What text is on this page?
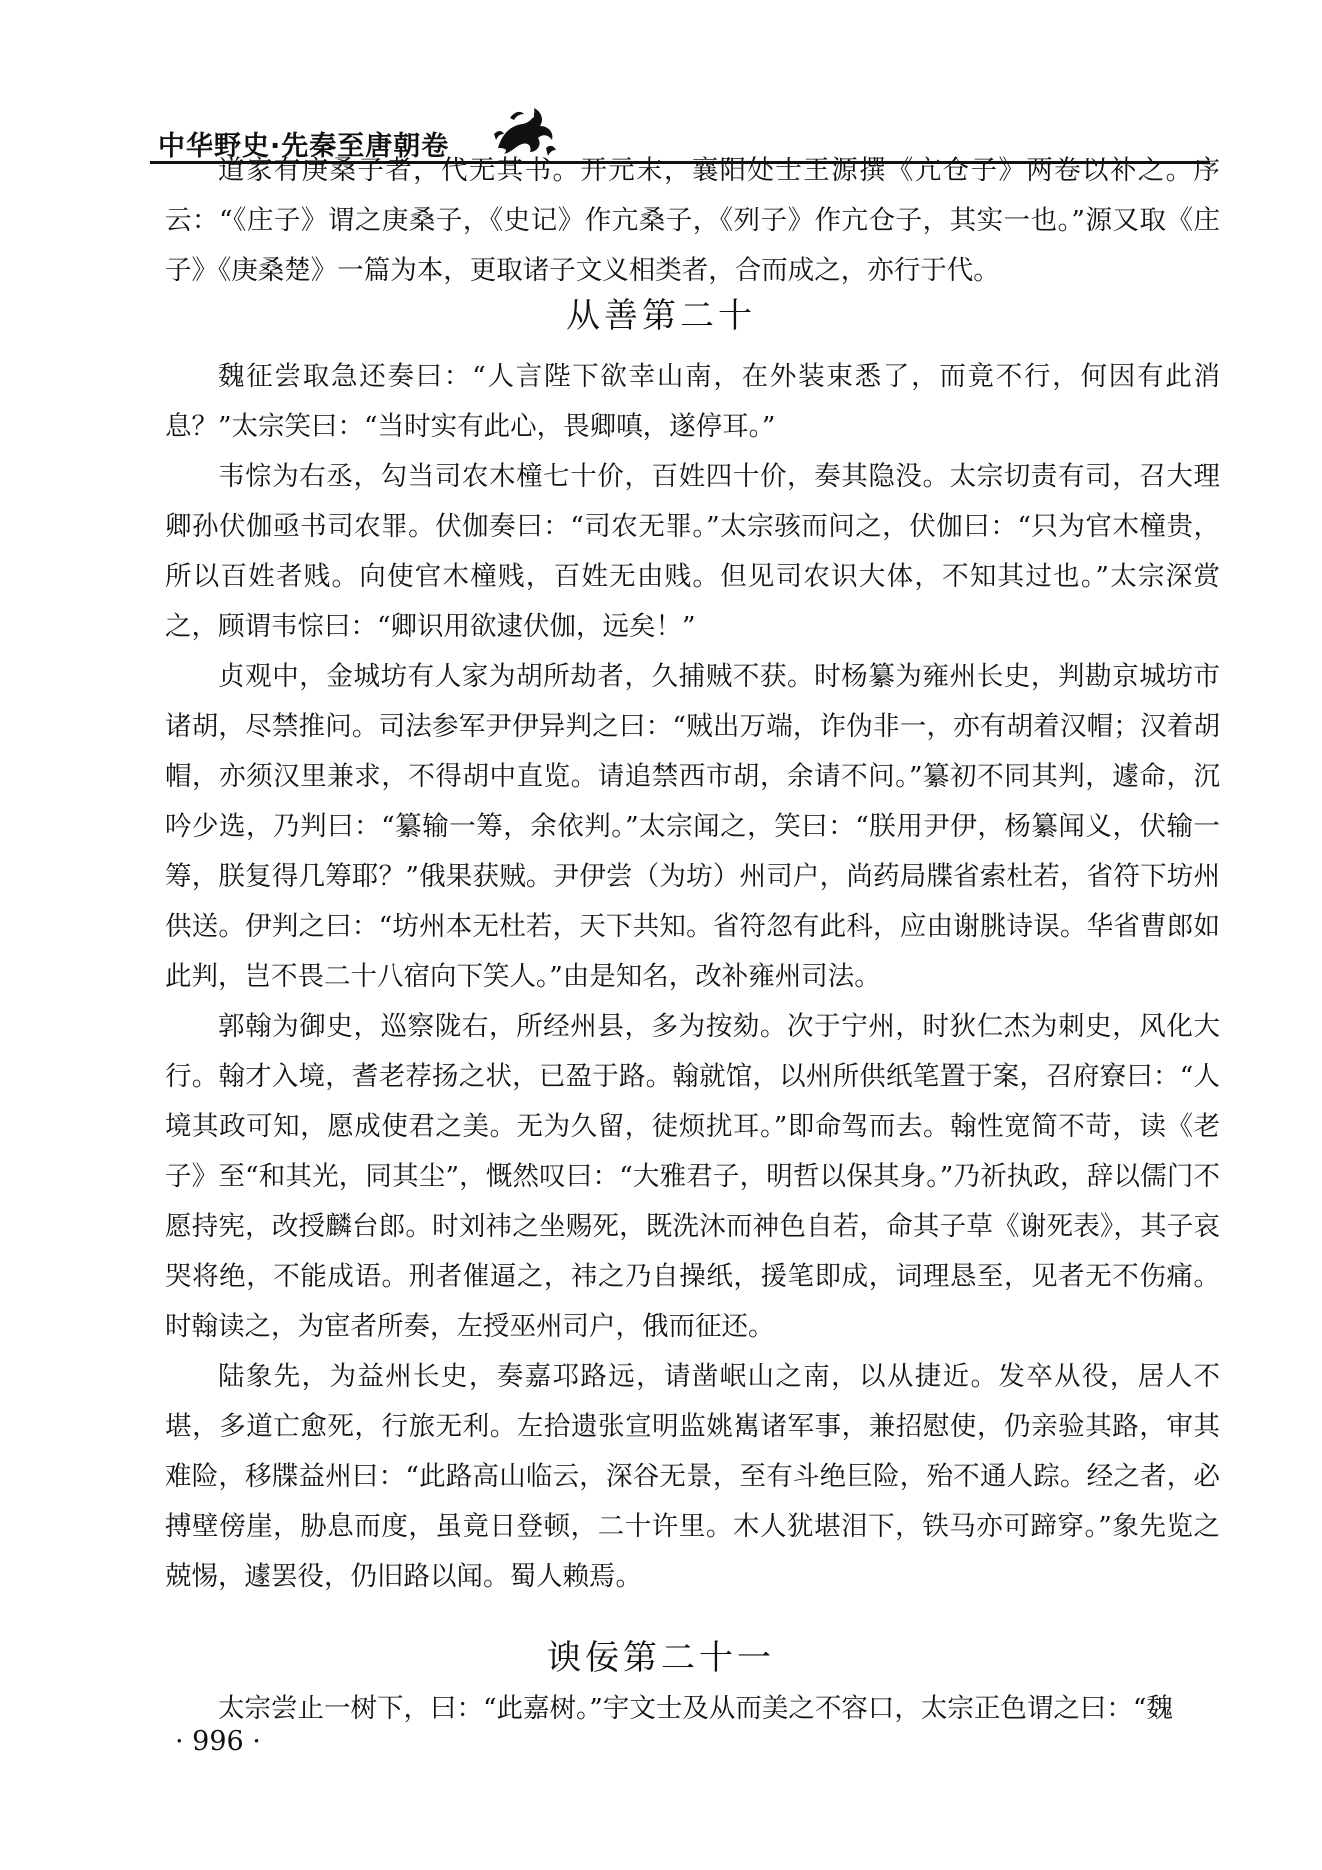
中华野史·先秦至唐朝卷

道家有庚桑子者，代无其书。开元末，襄阳处士王源撰《亢仓子》两卷以补之。序云：“《庄子》谓之庚桑子，《史记》作亢桑子，《列子》作亢仓子，其实一也。”源又取《庄子》《庚桑楚》一篇为本，更取诸子文义相类者，合而成之，亦行于代。

从善第二十

魏征尝取急还奏曰：“人言陛下欲幸山南，在外装束悉了，而竟不行，何因有此消息？”太宗笑曰：“当时实有此心，畏卿嗔，遂停耳。”

韦悰为右丞，勾当司农木橦七十价，百姓四十价，奏其隐没。太宗切责有司，召大理卿孙伏伽亟书司农罪。伏伽奏曰：“司农无罪。”太宗骇而问之，伏伽曰：“只为官木橦贵，所以百姓者贱。向使官木橦贱，百姓无由贱。但见司农识大体，不知其过也。”太宗深赏之，顾谓韦悰曰：“卿识用欲逮伏伽，远矣！”

贞观中，金城坊有人家为胡所劫者，久捕贼不获。时杨纂为雍州长史，判勘京城坊市诸胡，尽禁推问。司法参军尹伊异判之曰：“贼出万端，诈伪非一，亦有胡着汉帽；汉着胡帽，亦须汉里兼求，不得胡中直览。请追禁西市胡，余请不问。”纂初不同其判，遽命，沉吟少选，乃判曰：“纂输一筹，余依判。”太宗闻之，笑曰：“朕用尹伊，杨纂闻义，伏输一筹，朕复得几筹耶？”俄果获贼。尹伊尝（为坊）州司户，尚药局牒省索杜若，省符下坊州供送。伊判之曰：“坊州本无杜若，天下共知。省符忽有此科，应由谢朓诗误。华省曹郎如此判，岂不畏二十八宿向下笑人。”由是知名，改补雍州司法。

郭翰为御史，巡察陇右，所经州县，多为按劾。次于宁州，时狄仁杰为刺史，风化大行。翰才入境，耆老荐扬之状，已盈于路。翰就馆，以州所供纸笔置于案，召府寮曰：“人境其政可知，愿成使君之美。无为久留，徒烦扰耳。”即命驾而去。翰性宽简不苛，读《老子》至“和其光，同其尘”，慨然叹曰：“大雅君子，明哲以保其身。”乃祈执政，辞以儒门不愿持宪，改授麟台郎。时刘祎之坐赐死，既洗沐而神色自若，命其子草《谢死表》，其子哀哭将绝，不能成语。刑者催逼之，祎之乃自操纸，援笔即成，词理恳至，见者无不伤痛。时翰读之，为宦者所奏，左授巫州司户，俄而征还。

陆象先，为益州长史，奏嘉邛路远，请凿岷山之南，以从捷近。发卒从役，居人不堪，多道亡愈死，行旅无利。左拾遗张宣明监姚嶲诸军事，兼招慰使，仍亲验其路，审其难险，移牒益州曰：“此路高山临云，深谷无景，至有斗绝巨险，殆不通人踪。经之者，必搏壁傍崖，胁息而度，虽竟日登顿，二十许里。木人犹堪泪下，铁马亦可蹄穿。”象先览之兢惕，遽罢役，仍旧路以闻。蜀人赖焉。

谀佞第二十一

太宗尝止一树下，曰：“此嘉树。”宇文士及从而美之不容口，太宗正色谓之曰：“魏

· 996 ·
